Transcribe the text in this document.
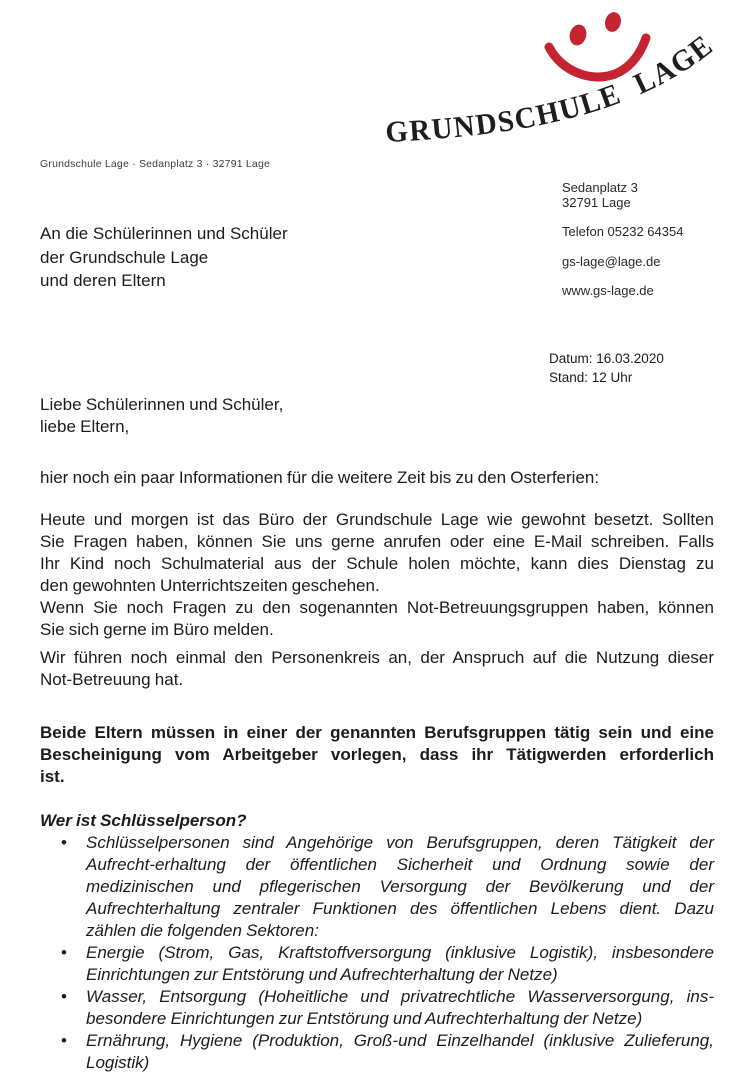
GRUNDSCHULE LAGE
Grundschule Lage · Sedanplatz 3 · 32791 Lage
An die Schülerinnen und Schüler
der Grundschule Lage
und deren Eltern
Sedanplatz 3
32791 Lage
Telefon 05232 64354
gs-lage@lage.de
www.gs-lage.de
Datum: 16.03.2020
Stand: 12 Uhr
Liebe Schülerinnen und Schüler,
liebe Eltern,
hier noch ein paar Informationen für die weitere Zeit bis zu den Osterferien:
Heute und morgen ist das Büro der Grundschule Lage wie gewohnt besetzt. Sollten
Sie Fragen haben, können Sie uns gerne anrufen oder eine E-Mail schreiben. Falls
Ihr Kind noch Schulmaterial aus der Schule holen möchte, kann dies Dienstag zu
den gewohnten Unterrichtszeiten geschehen.
Wenn Sie noch Fragen zu den sogenannten Not-Betreuungsgruppen haben, können
Sie sich gerne im Büro melden.
Wir führen noch einmal den Personenkreis an, der Anspruch auf die Nutzung dieser
Not-Betreuung hat.
Beide Eltern müssen in einer der genannten Berufsgruppen tätig sein und eine
Bescheinigung vom Arbeitgeber vorlegen, dass ihr Tätigwerden erforderlich
ist.
Wer ist Schlüsselperson?
• Schlüsselpersonen sind Angehörige von Berufsgruppen, deren Tätigkeit der
Aufrecht-erhaltung der öffentlichen Sicherheit und Ordnung sowie der
medizinischen und pflegerischen Versorgung der Bevölkerung und der
Aufrechterhaltung zentraler Funktionen des öffentlichen Lebens dient. Dazu
zählen die folgenden Sektoren:
• Energie (Strom, Gas, Kraftstoffversorgung (inklusive Logistik), insbesondere
Einrichtungen zur Entstörung und Aufrechterhaltung der Netze)
• Wasser, Entsorgung (Hoheitliche und privatrechtliche Wasserversorgung, ins-
besondere Einrichtungen zur Entstörung und Aufrechterhaltung der Netze)
• Ernährung, Hygiene (Produktion, Groß-und Einzelhandel (inklusive Zulieferung,
Logistik)
